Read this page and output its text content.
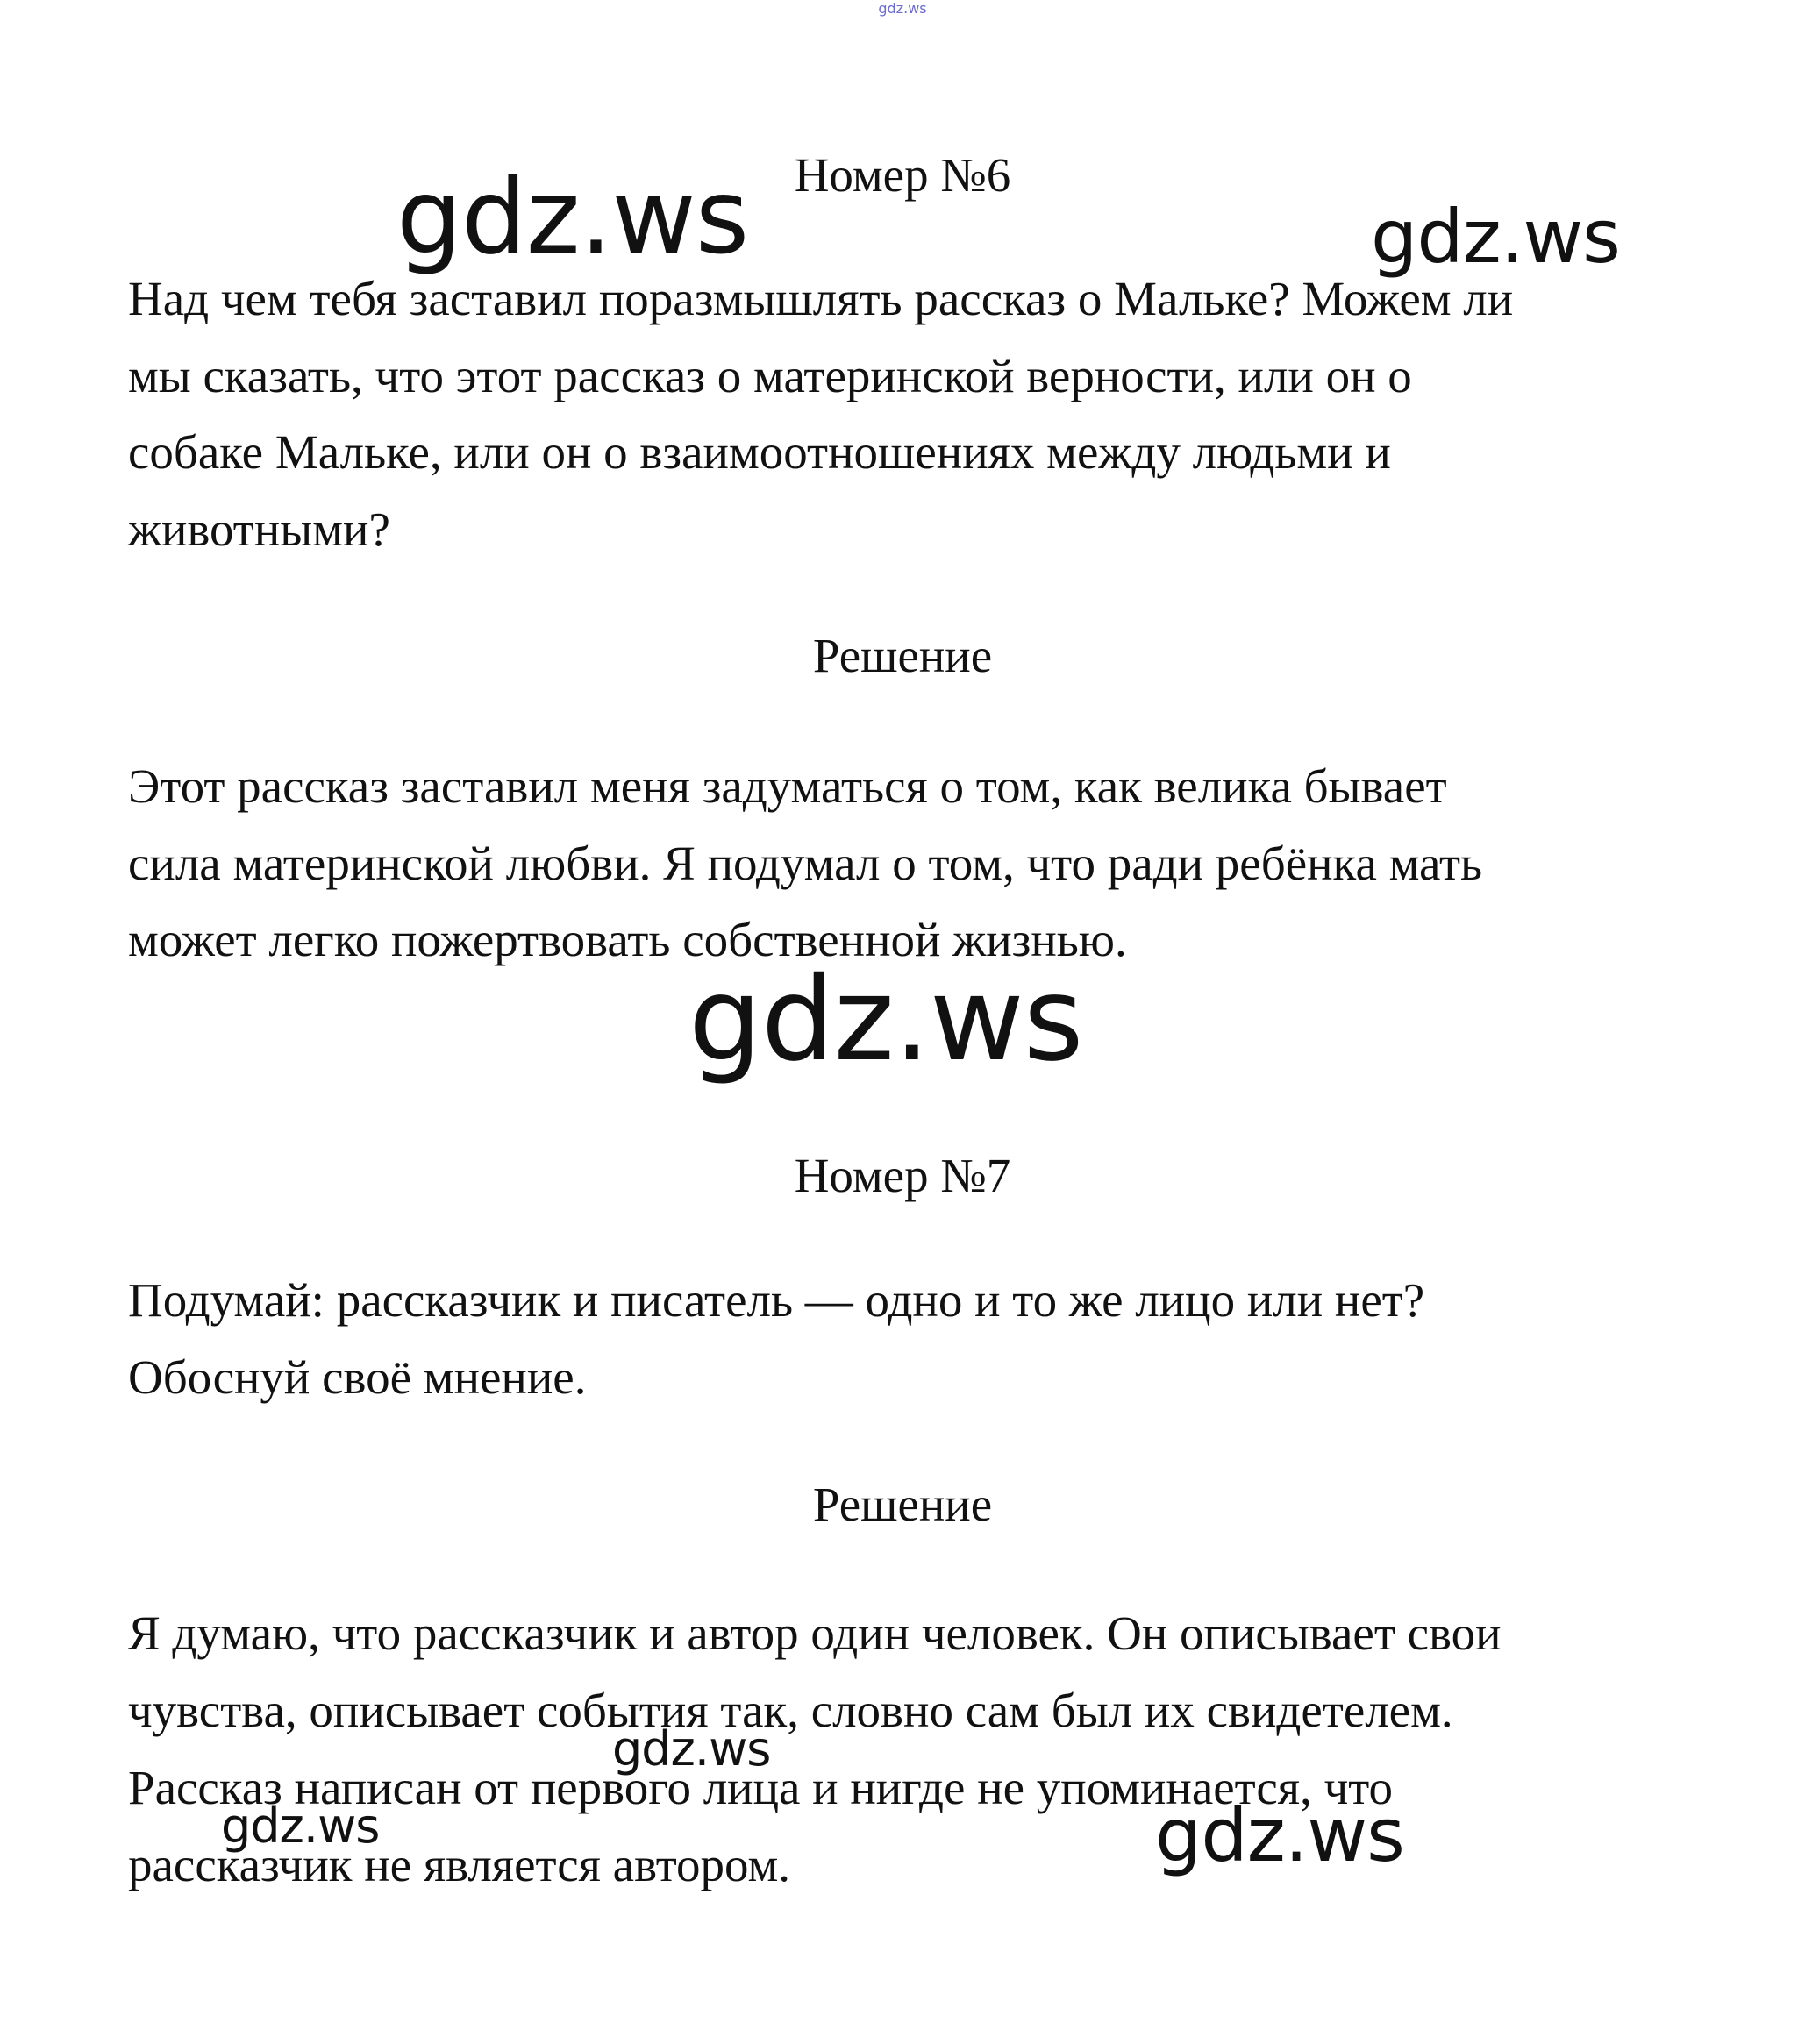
gdz.ws
Номер №6
Над чем тебя заставил поразмышлять рассказ о Мальке? Можем ли
мы сказать, что этот рассказ о материнской верности, или он о
собаке Мальке, или он о взаимоотношениях между людьми и
животными?
Решение
Этот рассказ заставил меня задуматься о том, как велика бывает
сила материнской любви. Я подумал о том, что ради ребёнка мать
может легко пожертвовать собственной жизнью.
Номер №7
Подумай: рассказчик и писатель — одно и то же лицо или нет?
Обоснуй своё мнение.
Решение
Я думаю, что рассказчик и автор один человек. Он описывает свои
чувства, описывает события так, словно сам был их свидетелем.
Рассказ написан от первого лица и нигде не упоминается, что
рассказчик не является автором.
gdz.ws	gdz.ws
gdz.ws
gdz.ws
gdz.ws	gdz.ws
